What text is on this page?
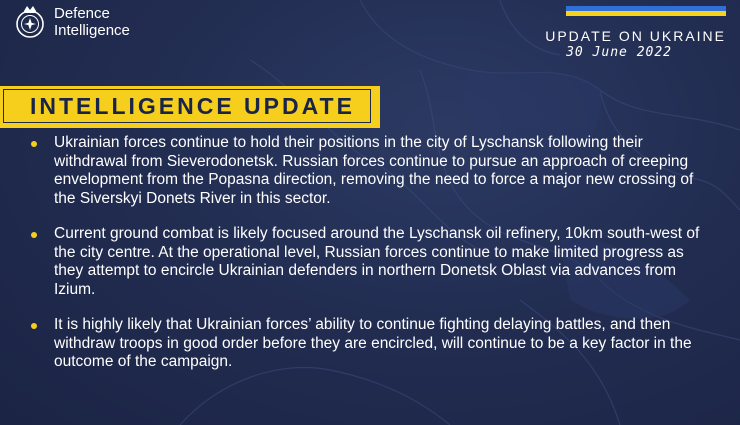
Defence
Intelligence	UPDATE ON UKRAINE
30 June 2022
INTELLIGENCE UPDATE
Ukrainian forces continue to hold their positions in the city of Lyschansk following their withdrawal from Sieverodonetsk. Russian forces continue to pursue an approach of creeping envelopment from the Popasna direction, removing the need to force a major new crossing of the Siverskyi Donets River in this sector.
Current ground combat is likely focused around the Lyschansk oil refinery, 10km south-west of the city centre. At the operational level, Russian forces continue to make limited progress as they attempt to encircle Ukrainian defenders in northern Donetsk Oblast via advances from Izium.
It is highly likely that Ukrainian forces’ ability to continue fighting delaying battles, and then withdraw troops in good order before they are encircled, will continue to be a key factor in the outcome of the campaign.
